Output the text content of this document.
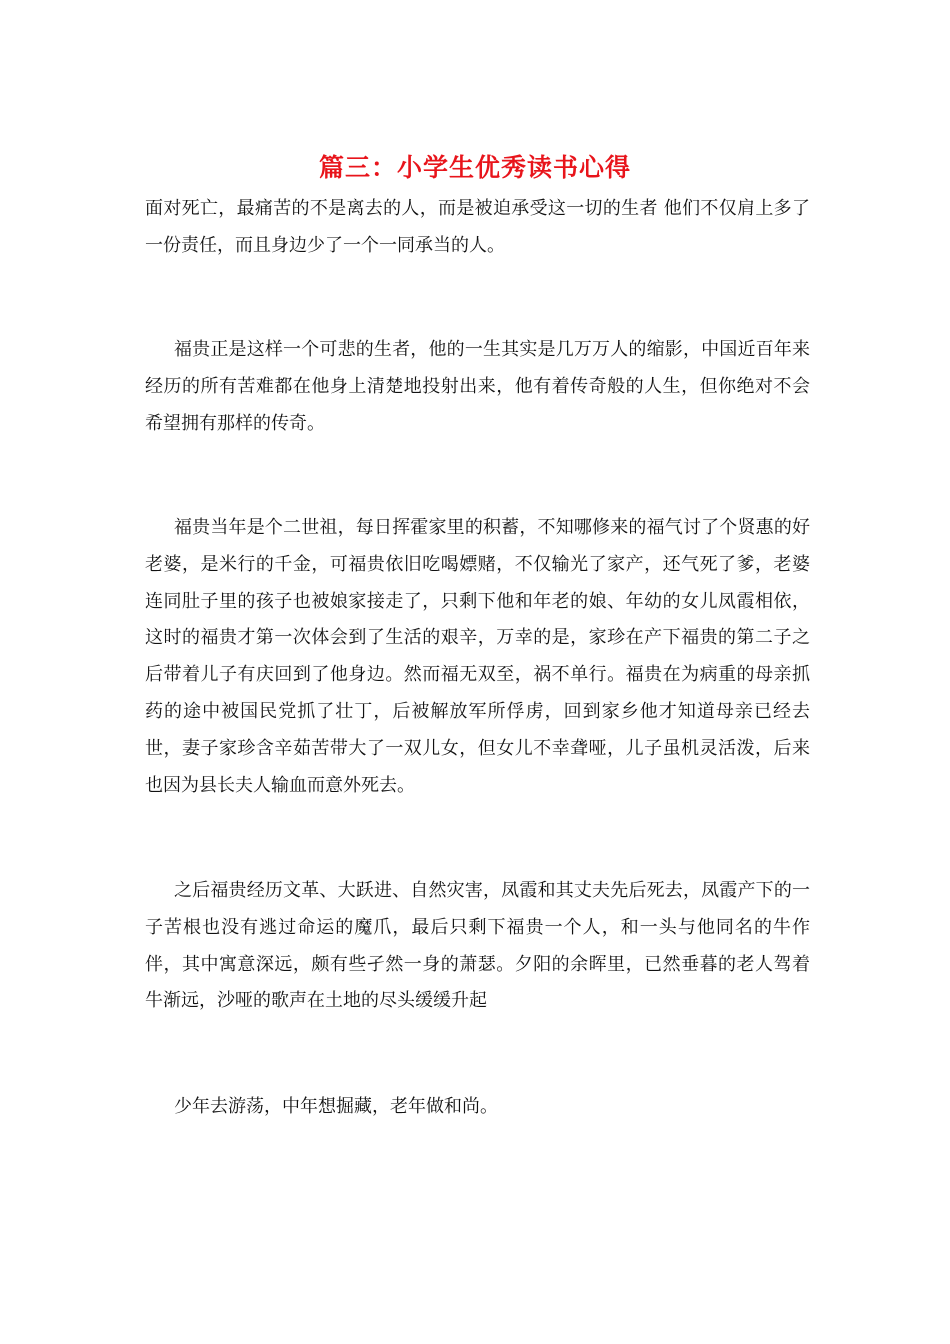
篇三：小学生优秀读书心得

面对死亡，最痛苦的不是离去的人，而是被迫承受这一切的生者 他们不仅肩上多了一份责任，而且身边少了一个一同承当的人。

福贵正是这样一个可悲的生者，他的一生其实是几万万人的缩影，中国近百年来经历的所有苦难都在他身上清楚地投射出来，他有着传奇般的人生，但你绝对不会希望拥有那样的传奇。

福贵当年是个二世祖，每日挥霍家里的积蓄，不知哪修来的福气讨了个贤惠的好老婆，是米行的千金，可福贵依旧吃喝嫖赌，不仅输光了家产，还气死了爹，老婆连同肚子里的孩子也被娘家接走了，只剩下他和年老的娘、年幼的女儿凤霞相依，这时的福贵才第一次体会到了生活的艰辛，万幸的是，家珍在产下福贵的第二子之后带着儿子有庆回到了他身边。然而福无双至，祸不单行。福贵在为病重的母亲抓药的途中被国民党抓了壮丁，后被解放军所俘虏，回到家乡他才知道母亲已经去世，妻子家珍含辛茹苦带大了一双儿女，但女儿不幸聋哑，儿子虽机灵活泼，后来也因为县长夫人输血而意外死去。

之后福贵经历文革、大跃进、自然灾害，凤霞和其丈夫先后死去，凤霞产下的一子苦根也没有逃过命运的魔爪，最后只剩下福贵一个人，和一头与他同名的牛作伴，其中寓意深远，颇有些孑然一身的萧瑟。夕阳的余晖里，已然垂暮的老人驾着牛渐远，沙哑的歌声在土地的尽头缓缓升起

少年去游荡，中年想掘藏，老年做和尚。
